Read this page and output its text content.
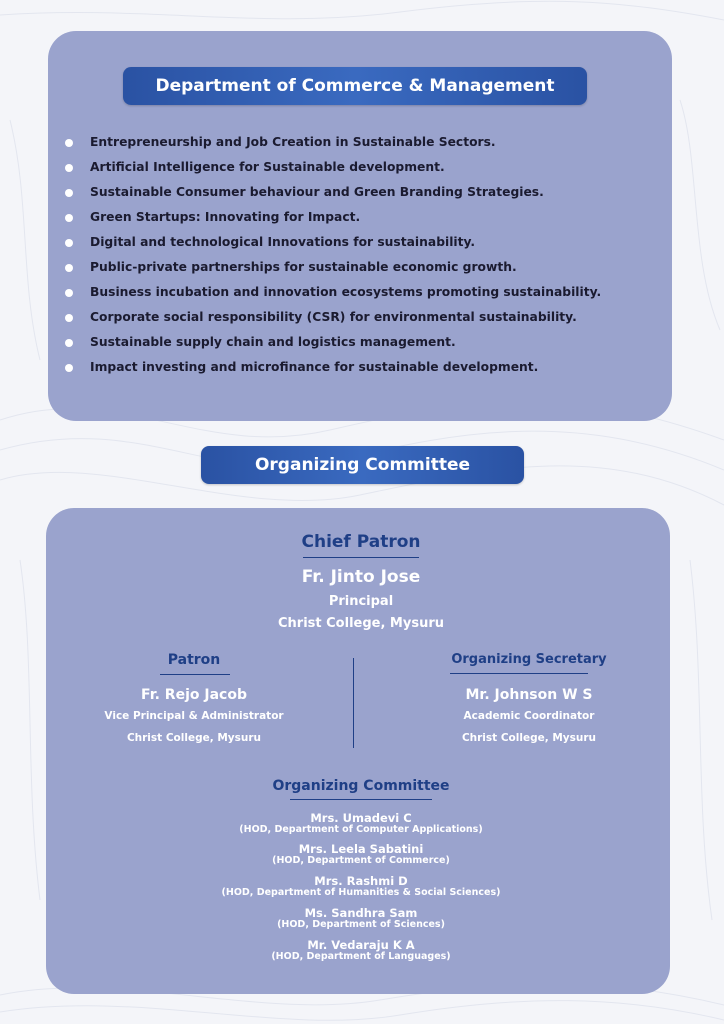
Department of Commerce & Management
Entrepreneurship and Job Creation in Sustainable Sectors.
Artificial Intelligence for Sustainable development.
Sustainable Consumer behaviour and Green Branding Strategies.
Green Startups: Innovating for Impact.
Digital and technological Innovations for sustainability.
Public-private partnerships for sustainable economic growth.
Business incubation and innovation ecosystems promoting sustainability.
Corporate social responsibility (CSR) for environmental sustainability.
Sustainable supply chain and logistics management.
Impact investing and microfinance for sustainable development.
Organizing Committee
Chief Patron
Fr. Jinto Jose
Principal
Christ College, Mysuru
Patron
Fr. Rejo Jacob
Vice Principal & Administrator
Christ College, Mysuru
Organizing Secretary
Mr. Johnson W S
Academic Coordinator
Christ College, Mysuru
Organizing Committee
Mrs. Umadevi C
(HOD, Department of Computer Applications)
Mrs. Leela Sabatini
(HOD, Department of Commerce)
Mrs. Rashmi D
(HOD, Department of Humanities & Social Sciences)
Ms. Sandhra Sam
(HOD, Department of Sciences)
Mr. Vedaraju K A
(HOD, Department of Languages)
